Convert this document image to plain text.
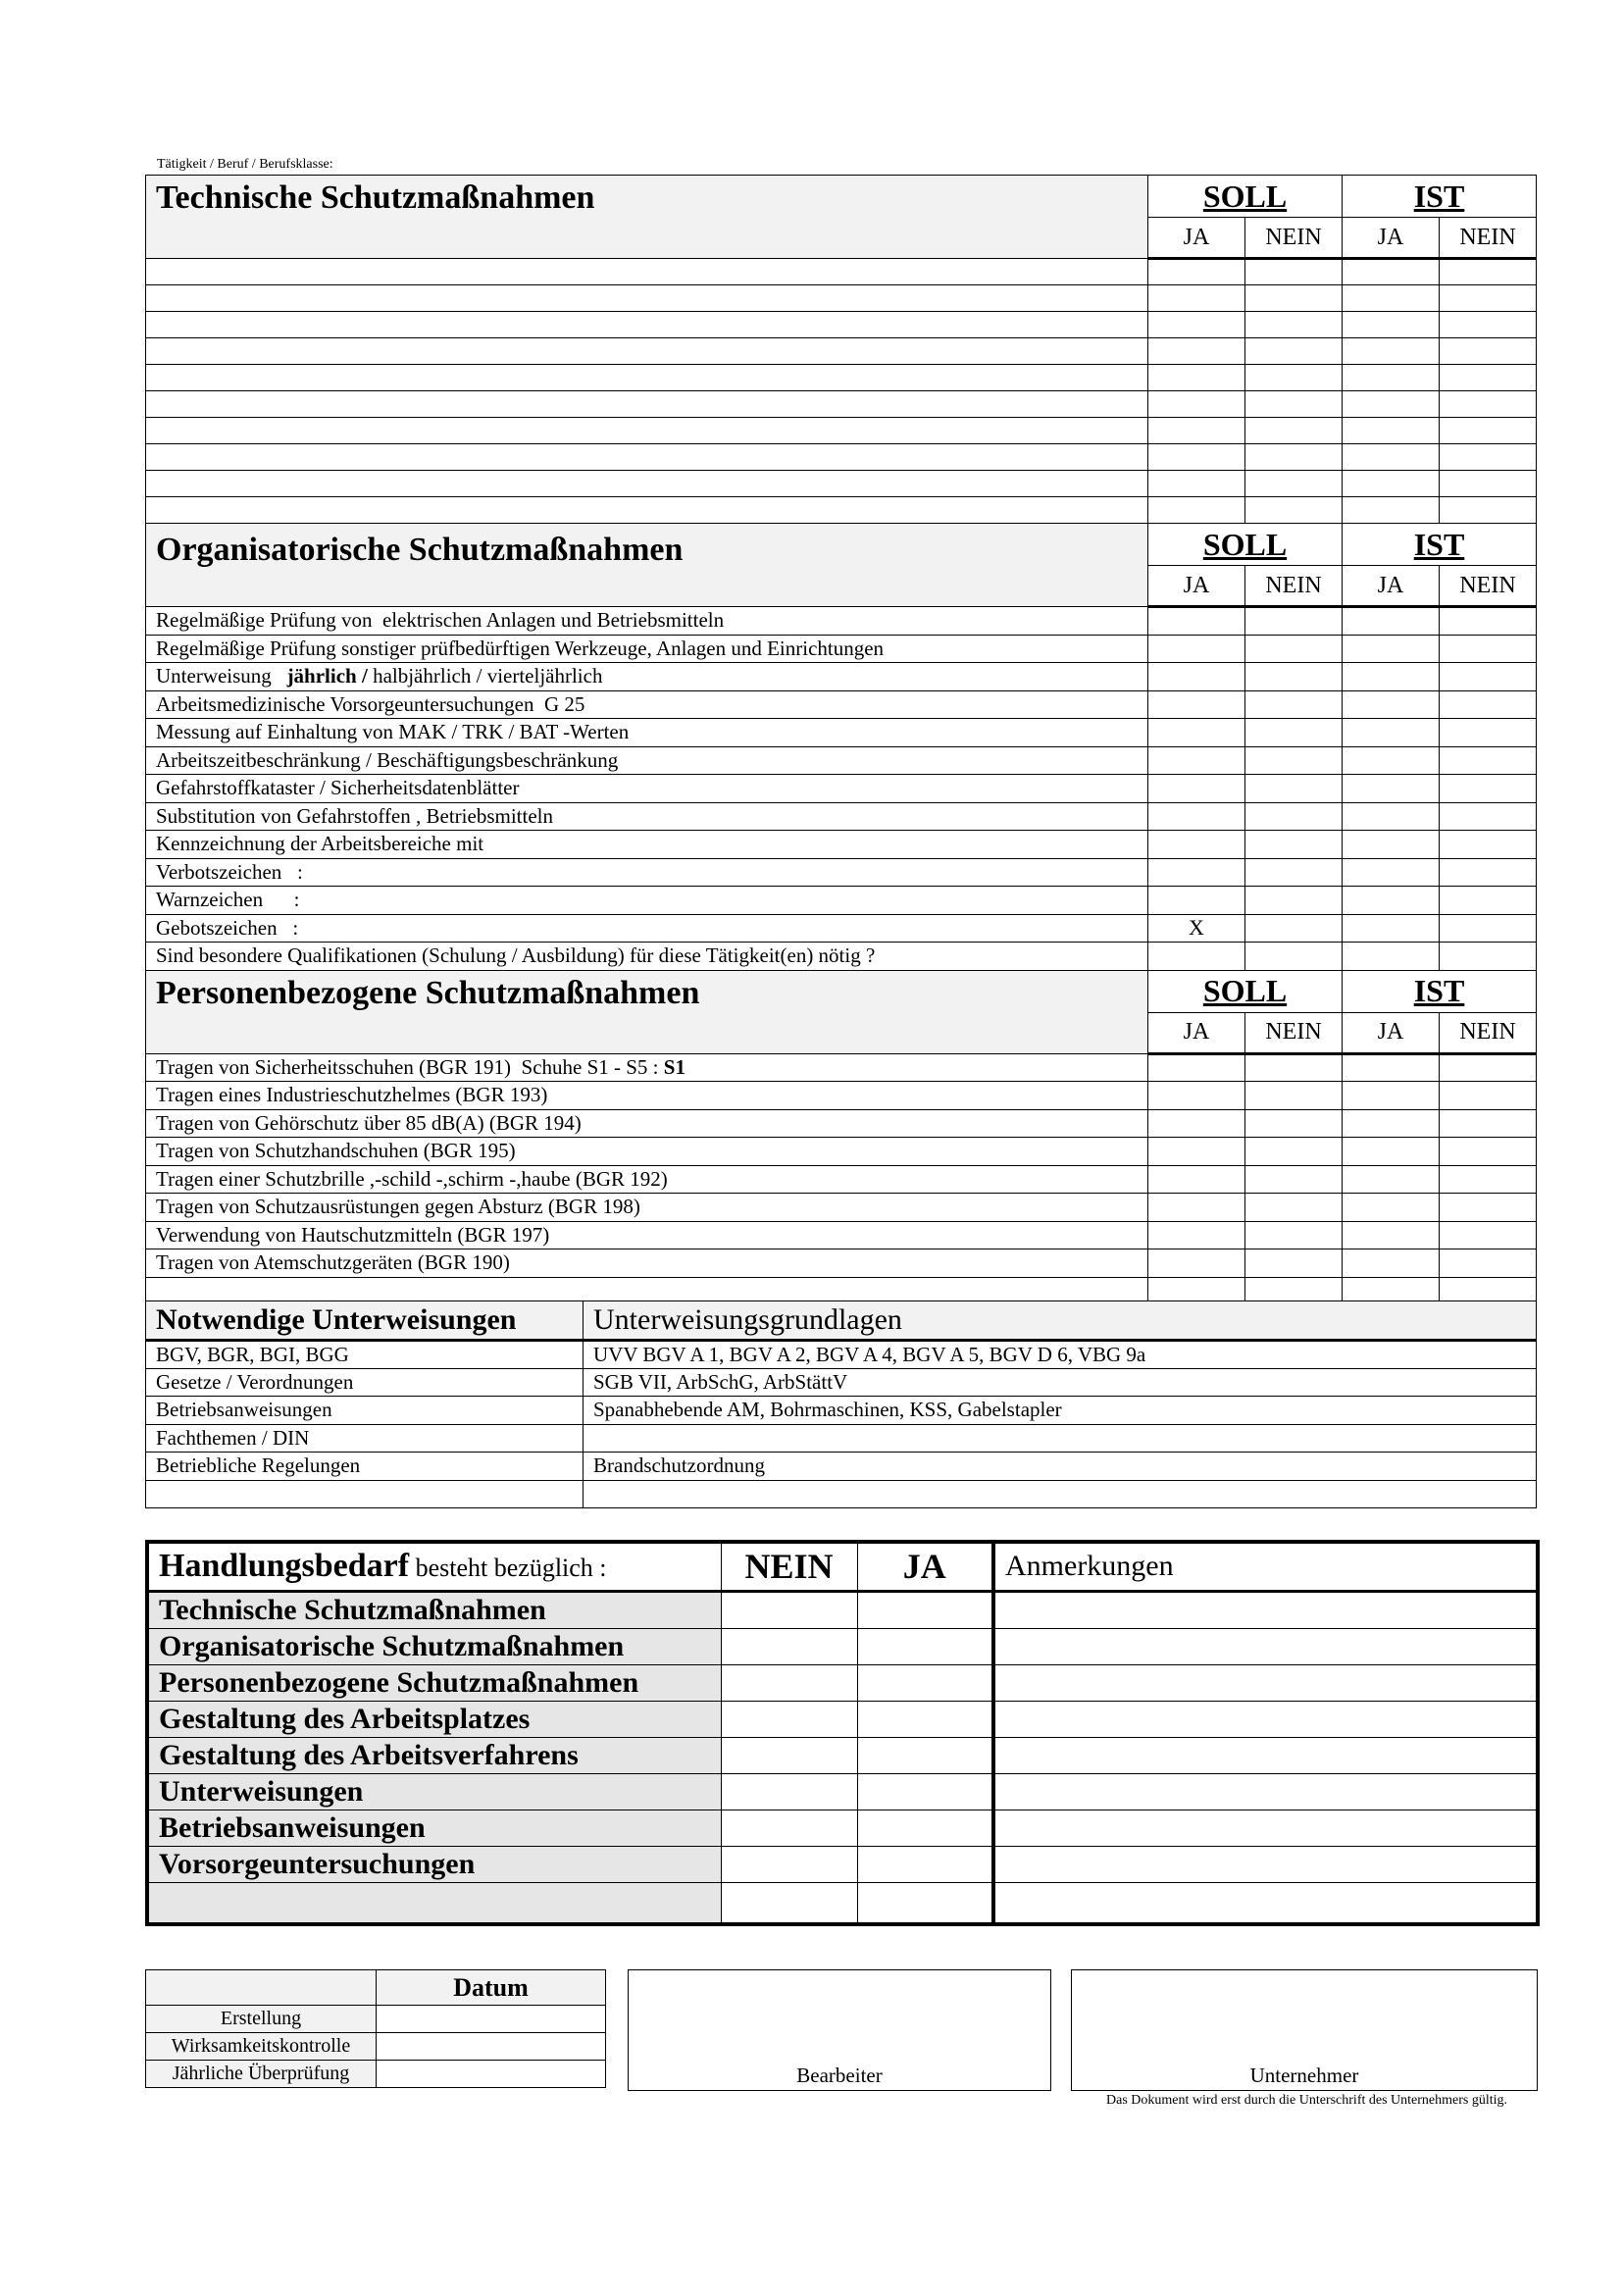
Tätigkeit / Beruf / Berufsklasse:
Technische Schutzmaßnahmen	SOLL		IST	
	JA	NEIN	JA	NEIN

Organisatorische Schutzmaßnahmen	SOLL		IST	
	JA	NEIN	JA	NEIN
Regelmäßige Prüfung von  elektrischen Anlagen und Betriebsmitteln				
Regelmäßige Prüfung sonstiger prüfbedürftigen Werkzeuge, Anlagen und Einrichtungen				
Unterweisung   jährlich / halbjährlich / vierteljährlich				
Arbeitsmedizinische Vorsorgeuntersuchungen  G 25				
Messung auf Einhaltung von MAK / TRK / BAT -Werten				
Arbeitszeitbeschränkung / Beschäftigungsbeschränkung				
Gefahrstoffkataster / Sicherheitsdatenblätter				
Substitution von Gefahrstoffen , Betriebsmitteln				
Kennzeichnung der Arbeitsbereiche mit				
Verbotszeichen   :				
Warnzeichen      :				
Gebotszeichen   :	X			
Sind besondere Qualifikationen (Schulung / Ausbildung) für diese Tätigkeit(en) nötig ?				
Personenbezogene Schutzmaßnahmen	SOLL		IST	
	JA	NEIN	JA	NEIN
Tragen von Sicherheitsschuhen (BGR 191)  Schuhe S1 - S5 : S1				
Tragen eines Industrieschutzhelmes (BGR 193)				
Tragen von Gehörschutz über 85 dB(A) (BGR 194)				
Tragen von Schutzhandschuhen (BGR 195)				
Tragen einer Schutzbrille ,-schild -,schirm -,haube (BGR 192)				
Tragen von Schutzausrüstungen gegen Absturz (BGR 198)				
Verwendung von Hautschutzmitteln (BGR 197)				
Tragen von Atemschutzgeräten (BGR 190)				

Notwendige Unterweisungen	Unterweisungsgrundlagen
BGV, BGR, BGI, BGG	UVV BGV A 1, BGV A 2, BGV A 4, BGV A 5, BGV D 6, VBG 9a
Gesetze / Verordnungen	SGB VII, ArbSchG, ArbStättV
Betriebsanweisungen	Spanabhebende AM, Bohrmaschinen, KSS, Gabelstapler
Fachthemen / DIN	
Betriebliche Regelungen	Brandschutzordnung

Handlungsbedarf besteht bezüglich :	NEIN	JA	Anmerkungen
Technische Schutzmaßnahmen			
Organisatorische Schutzmaßnahmen			
Personenbezogene Schutzmaßnahmen			
Gestaltung des Arbeitsplatzes			
Gestaltung des Arbeitsverfahrens			
Unterweisungen			
Betriebsanweisungen			
Vorsorgeuntersuchungen			

	Datum
Erstellung	
Wirksamkeitskontrolle	
Jährliche Überprüfung		Bearbeiter	Unternehmer
Das Dokument wird erst durch die Unterschrift des Unternehmers gültig.
